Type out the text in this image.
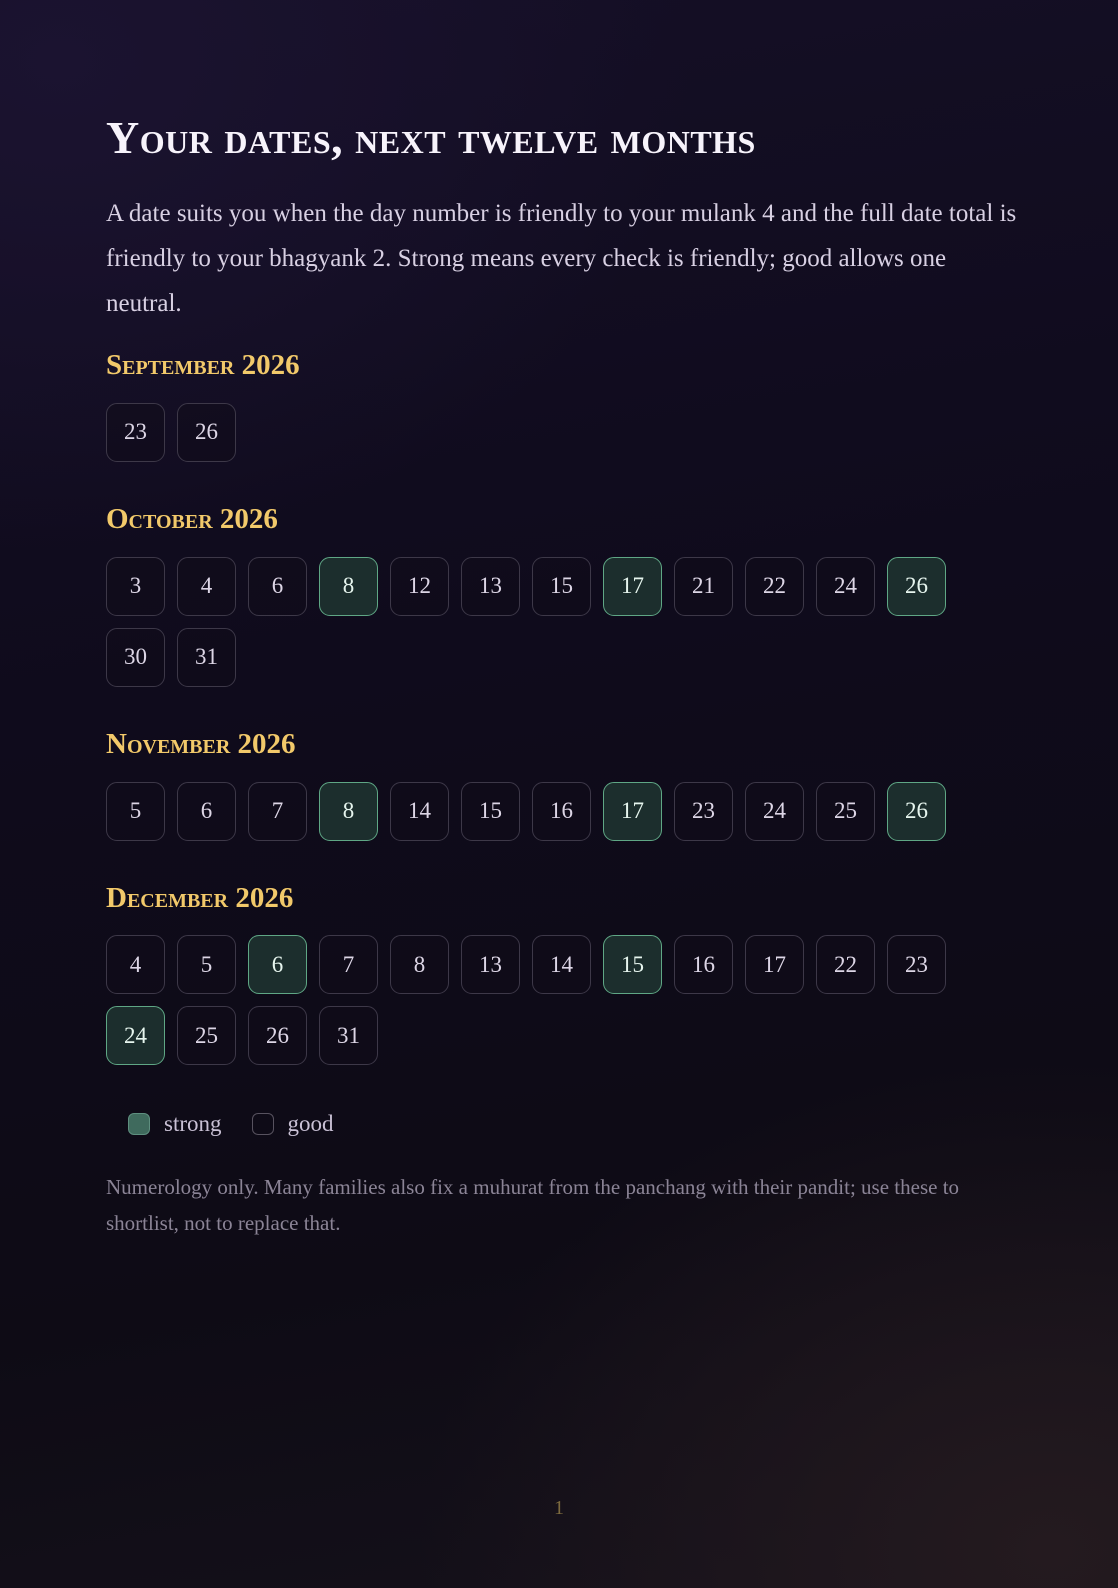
Your dates, next twelve months

A date suits you when the day number is friendly to your mulank 4 and the full date total is friendly to your bhagyank 2. Strong means every check is friendly; good allows one neutral.

September 2026
23	26
October 2026
3	4	6	8	12	13	15	17	21	22	24	26
30	31
November 2026
5	6	7	8	14	15	16	17	23	24	25	26
December 2026
4	5	6	7	8	13	14	15	16	17	22	23
24	25	26	31
strong	good

Numerology only. Many families also fix a muhurat from the panchang with their pandit; use these to shortlist, not to replace that.

1
